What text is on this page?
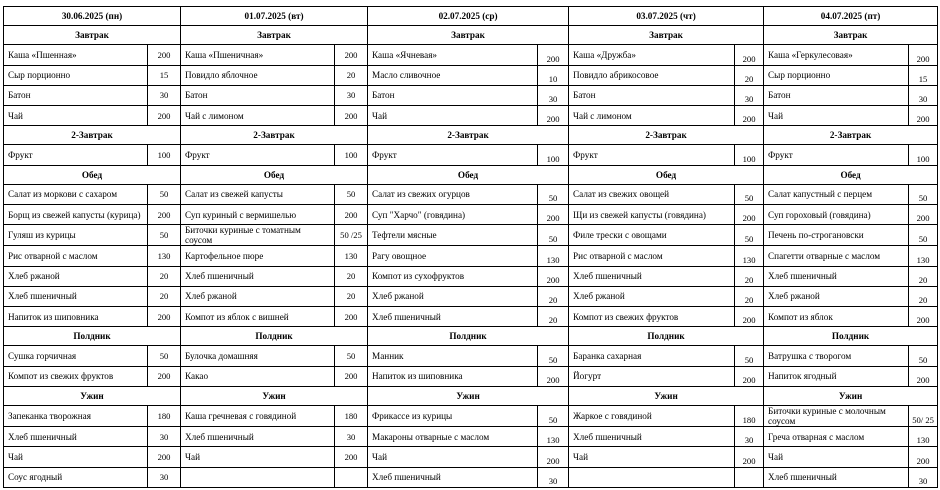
30.06.2025 (пн)		01.07.2025 (вт)		02.07.2025 (ср)		03.07.2025 (чт)		04.07.2025 (пт)	
Завтрак		Завтрак		Завтрак		Завтрак		Завтрак	
Каша «Пшенная»	200	Каша «Пшеничная»	200	Каша «Ячневая»	200	Каша «Дружба»	200	Каша «Геркулесовая»	200
Сыр порционно	15	Повидло яблочное	20	Масло сливочное	10	Повидло абрикосовое	20	Сыр порционно	15
Батон	30	Батон	30	Батон	30	Батон	30	Батон	30
Чай	200	Чай с лимоном	200	Чай	200	Чай с лимоном	200	Чай	200
2-Завтрак		2-Завтрак		2-Завтрак		2-Завтрак		2-Завтрак	
Фрукт	100	Фрукт	100	Фрукт	100	Фрукт	100	Фрукт	100
Обед		Обед		Обед		Обед		Обед	
Салат из моркови с сахаром	50	Салат из свежей капусты	50	Салат из свежих огурцов	50	Салат из свежих овощей	50	Салат капустный с перцем	50
Борщ из свежей капусты (курица)	200	Суп куриный с вермишелью	200	Суп "Харчо" (говядина)	200	Щи из свежей капусты (говядина)	200	Суп гороховый (говядина)	200
Гуляш из курицы	50	Биточки куриные с томатным соусом	50 /25	Тефтели мясные	50	Филе трески с овощами	50	Печень по-строгановски	50
Рис отварной с маслом	130	Картофельное пюре	130	Рагу овощное	130	Рис отварной с маслом	130	Спагетти отварные с маслом	130
Хлеб ржаной	20	Хлеб пшеничный	20	Компот из сухофруктов	200	Хлеб пшеничный	20	Хлеб пшеничный	20
Хлеб пшеничный	20	Хлеб ржаной	20	Хлеб ржаной	20	Хлеб ржаной	20	Хлеб ржаной	20
Напиток из шиповника	200	Компот из яблок с вишней	200	Хлеб пшеничный	20	Компот из свежих фруктов	200	Компот из яблок	200
Полдник		Полдник		Полдник		Полдник		Полдник	
Сушка горчичная	50	Булочка домашняя	50	Манник	50	Баранка сахарная	50	Ватрушка с творогом	50
Компот из свежих фруктов	200	Какао	200	Напиток из шиповника	200	Йогурт	200	Напиток ягодный	200
Ужин		Ужин		Ужин		Ужин		Ужин	
Запеканка творожная	180	Каша гречневая с говядиной	180	Фрикассе из курицы	50	Жаркое с говядиной	180	Биточки куриные с молочным соусом	50/ 25
Хлеб пшеничный	30	Хлеб пшеничный	30	Макароны отварные с маслом	130	Хлеб пшеничный	30	Греча отварная с маслом	130
Чай	200	Чай	200	Чай	200	Чай	200	Чай	200
Соус ягодный	30			Хлеб пшеничный	30			Хлеб пшеничный	30
